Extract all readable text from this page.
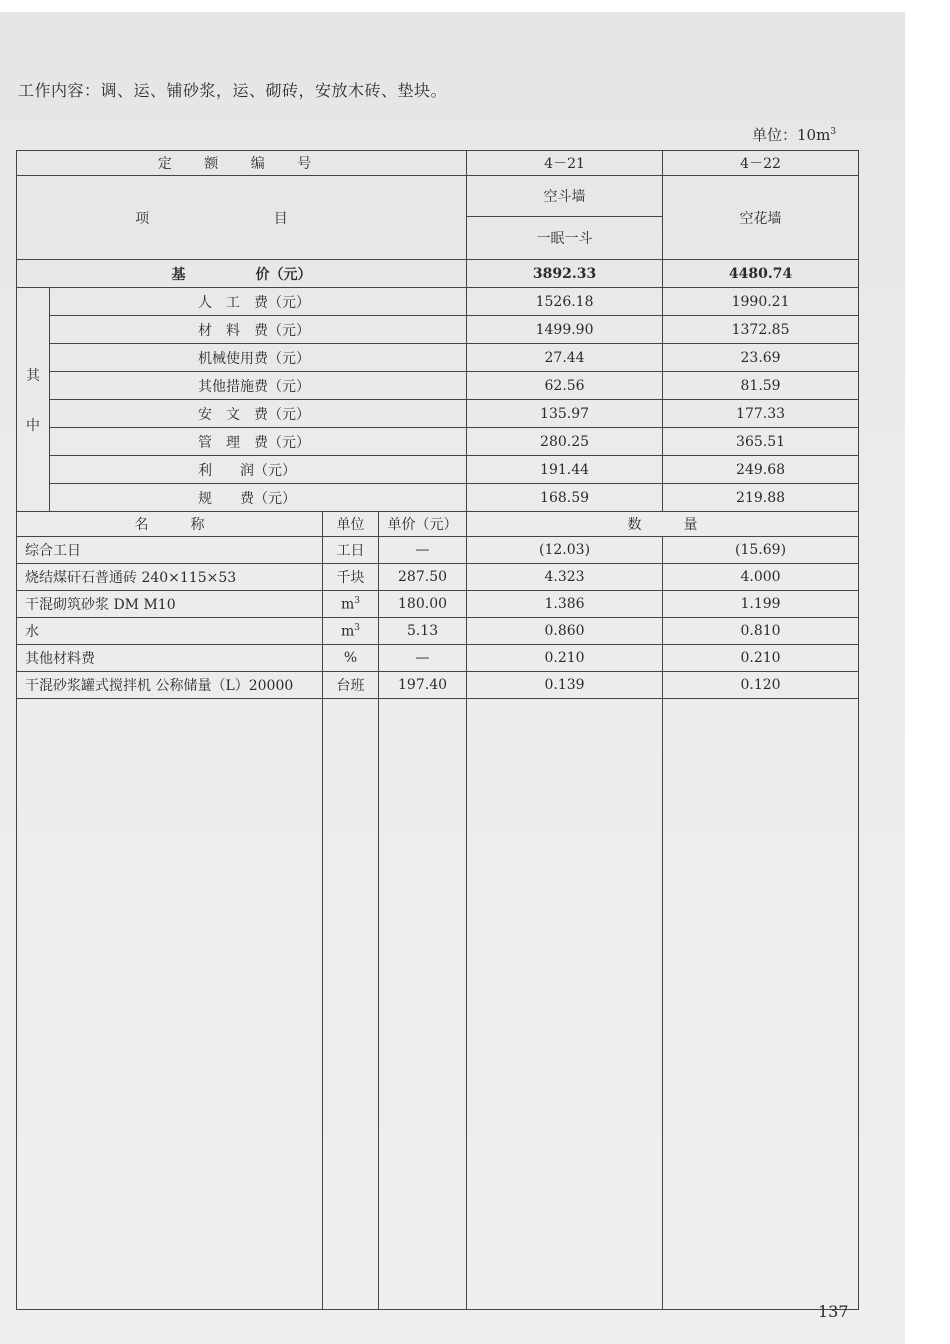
工作内容：调、运、铺砂浆，运、砌砖，安放木砖、垫块。
单位：$10m^3$
定 额 编 号				4－21	4－22
项 目				空斗墙	空花墙
				一眠一斗	
基　　　　　价（元）				3892.33	4480.74

其
中	人　工　费（元）			1526.18	1990.21
	材　料　费（元）			1499.90	1372.85
	机械使用费（元）			27.44	23.69
	其他措施费（元）			62.56	81.59
	安　文　费（元）			135.97	177.33
	管　理　费（元）			280.25	365.51
	利　　润（元）			191.44	249.68
	规　　费（元）			168.59	219.88
名　　　称		单位	单价（元）	数　　　量	
综合工日		工日	—	(12.03)	(15.69)
烧结煤矸石普通砖 240×115×53		千块	287.50	4.323	4.000
干混砌筑砂浆 DM M10		$m^3$	180.00	1.386	1.199
水		$m^3$	5.13	0.860	0.810
其他材料费		%	—	0.210	0.210
干混砂浆罐式搅拌机 公称储量（L）20000		台班	197.40	0.139	0.120

137
